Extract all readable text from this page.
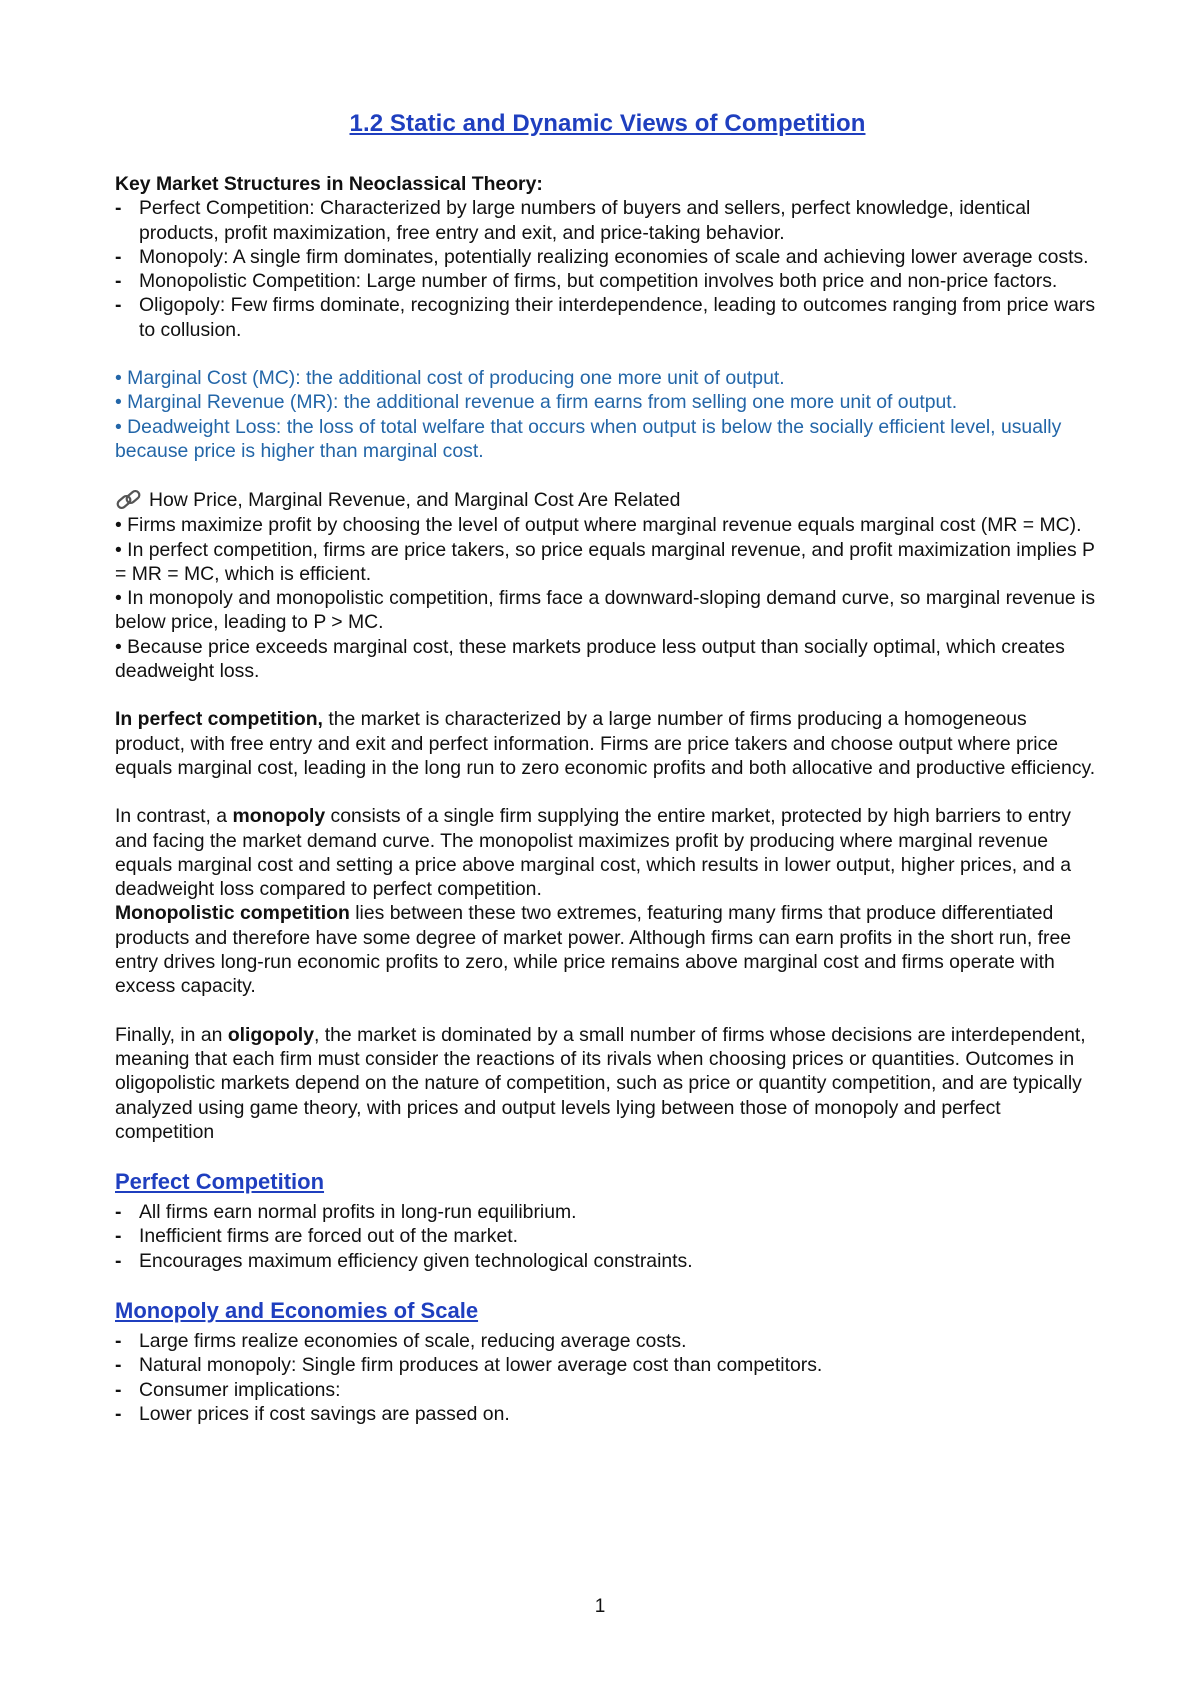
1.2 Static and Dynamic Views of Competition
Key Market Structures in Neoclassical Theory:
- Perfect Competition: Characterized by large numbers of buyers and sellers, perfect knowledge, identical products, profit maximization, free entry and exit, and price-taking behavior.
- Monopoly: A single firm dominates, potentially realizing economies of scale and achieving lower average costs.
- Monopolistic Competition: Large number of firms, but competition involves both price and non-price factors.
- Oligopoly: Few firms dominate, recognizing their interdependence, leading to outcomes ranging from price wars to collusion.
• Marginal Cost (MC): the additional cost of producing one more unit of output.
• Marginal Revenue (MR): the additional revenue a firm earns from selling one more unit of output.
• Deadweight Loss: the loss of total welfare that occurs when output is below the socially efficient level, usually because price is higher than marginal cost.
How Price, Marginal Revenue, and Marginal Cost Are Related
• Firms maximize profit by choosing the level of output where marginal revenue equals marginal cost (MR = MC).
• In perfect competition, firms are price takers, so price equals marginal revenue, and profit maximization implies P = MR = MC, which is efficient.
• In monopoly and monopolistic competition, firms face a downward-sloping demand curve, so marginal revenue is below price, leading to P > MC.
• Because price exceeds marginal cost, these markets produce less output than socially optimal, which creates deadweight loss.

In perfect competition, the market is characterized by a large number of firms producing a homogeneous product, with free entry and exit and perfect information. Firms are price takers and choose output where price equals marginal cost, leading in the long run to zero economic profits and both allocative and productive efficiency.

In contrast, a monopoly consists of a single firm supplying the entire market, protected by high barriers to entry and facing the market demand curve. The monopolist maximizes profit by producing where marginal revenue equals marginal cost and setting a price above marginal cost, which results in lower output, higher prices, and a deadweight loss compared to perfect competition.

Monopolistic competition lies between these two extremes, featuring many firms that produce differentiated products and therefore have some degree of market power. Although firms can earn profits in the short run, free entry drives long-run economic profits to zero, while price remains above marginal cost and firms operate with excess capacity.

Finally, in an oligopoly, the market is dominated by a small number of firms whose decisions are interdependent, meaning that each firm must consider the reactions of its rivals when choosing prices or quantities. Outcomes in oligopolistic markets depend on the nature of competition, such as price or quantity competition, and are typically analyzed using game theory, with prices and output levels lying between those of monopoly and perfect competition

Perfect Competition
- All firms earn normal profits in long-run equilibrium.
- Inefficient firms are forced out of the market.
- Encourages maximum efficiency given technological constraints.
Monopoly and Economies of Scale
- Large firms realize economies of scale, reducing average costs.
- Natural monopoly: Single firm produces at lower average cost than competitors.
- Consumer implications:
- Lower prices if cost savings are passed on.
1
